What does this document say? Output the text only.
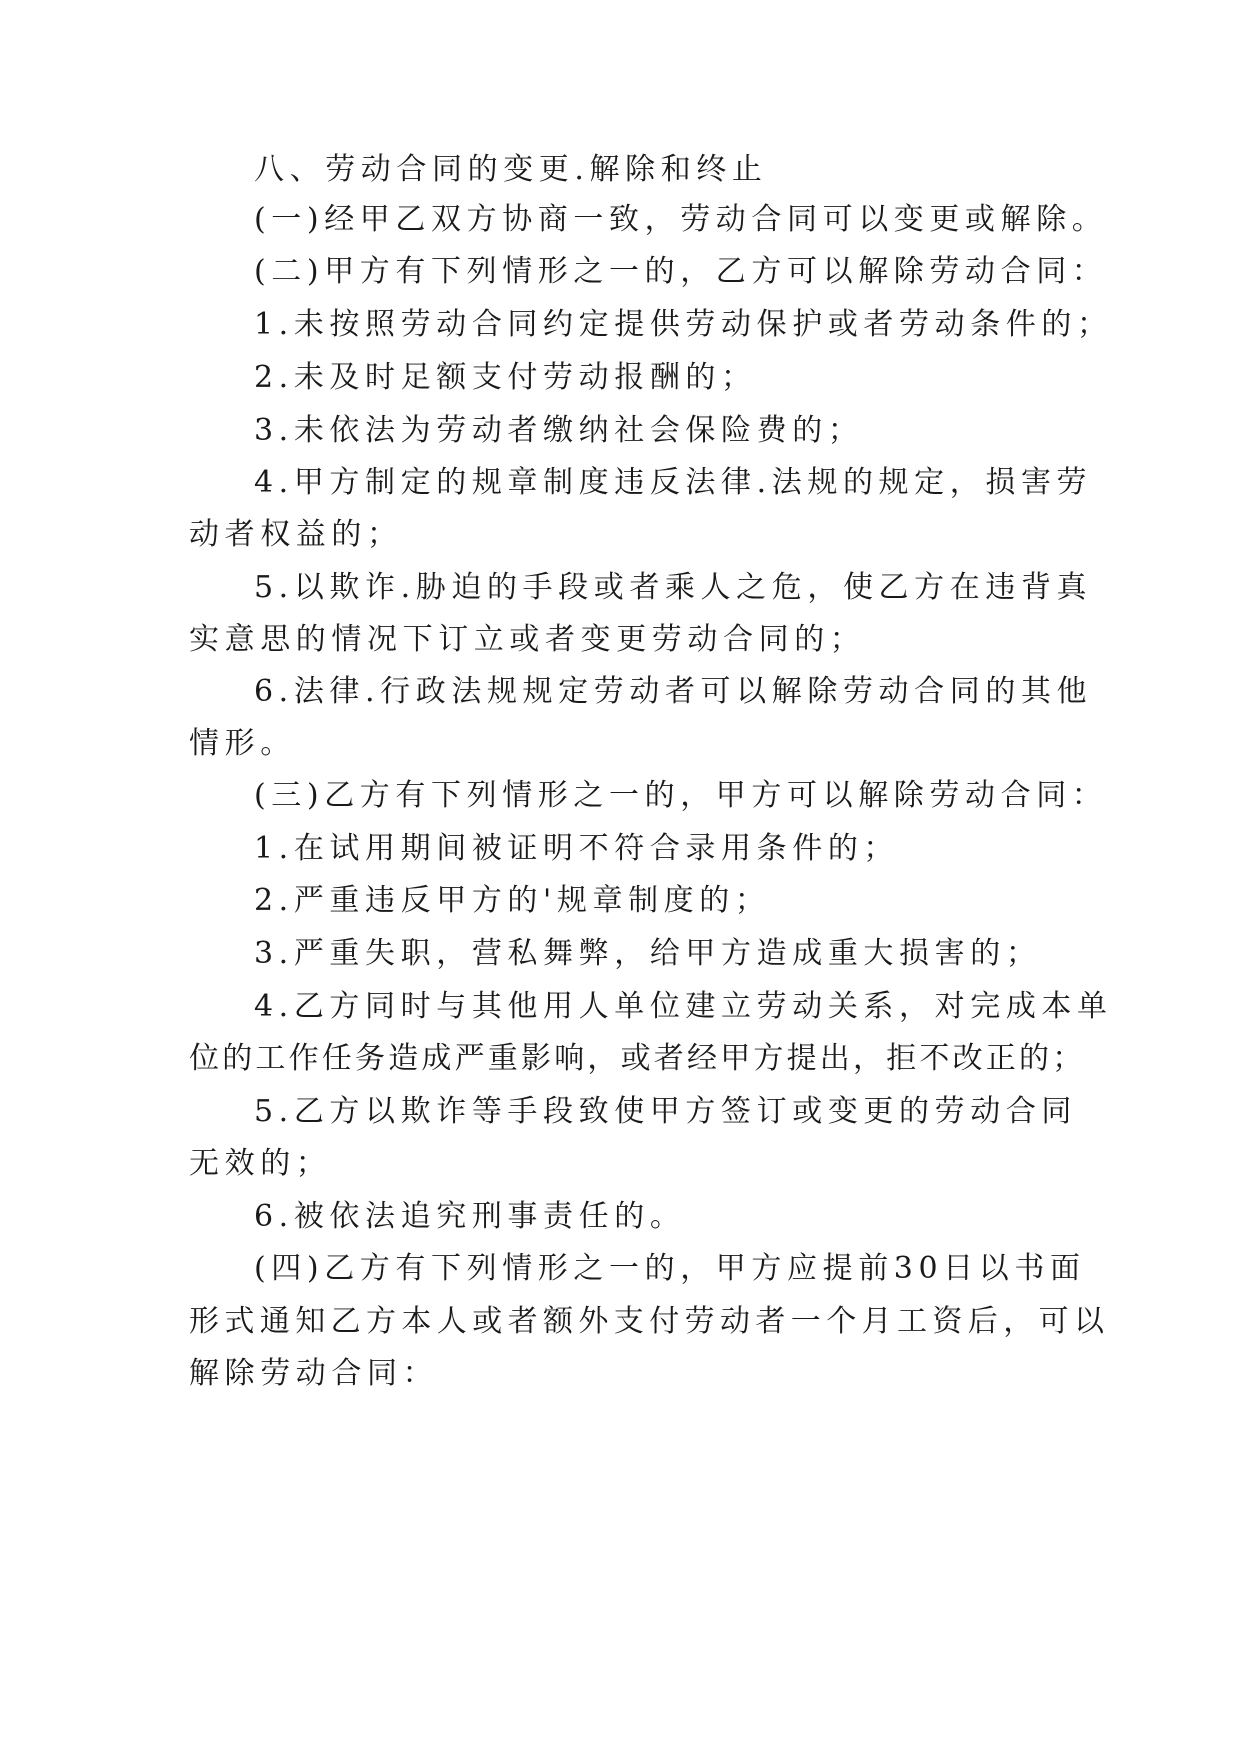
八、劳动合同的变更.解除和终止
(一)经甲乙双方协商一致，劳动合同可以变更或解除。
(二)甲方有下列情形之一的，乙方可以解除劳动合同：
1.未按照劳动合同约定提供劳动保护或者劳动条件的；
2.未及时足额支付劳动报酬的；
3.未依法为劳动者缴纳社会保险费的；
4.甲方制定的规章制度违反法律.法规的规定，损害劳
动者权益的；
5.以欺诈.胁迫的手段或者乘人之危，使乙方在违背真
实意思的情况下订立或者变更劳动合同的；
6.法律.行政法规规定劳动者可以解除劳动合同的其他
情形。
(三)乙方有下列情形之一的，甲方可以解除劳动合同：
1.在试用期间被证明不符合录用条件的；
2.严重违反甲方的'规章制度的；
3.严重失职，营私舞弊，给甲方造成重大损害的；
4.乙方同时与其他用人单位建立劳动关系，对完成本单
位的工作任务造成严重影响，或者经甲方提出，拒不改正的；
5.乙方以欺诈等手段致使甲方签订或变更的劳动合同
无效的；
6.被依法追究刑事责任的。
(四)乙方有下列情形之一的，甲方应提前30日以书面
形式通知乙方本人或者额外支付劳动者一个月工资后，可以
解除劳动合同：
